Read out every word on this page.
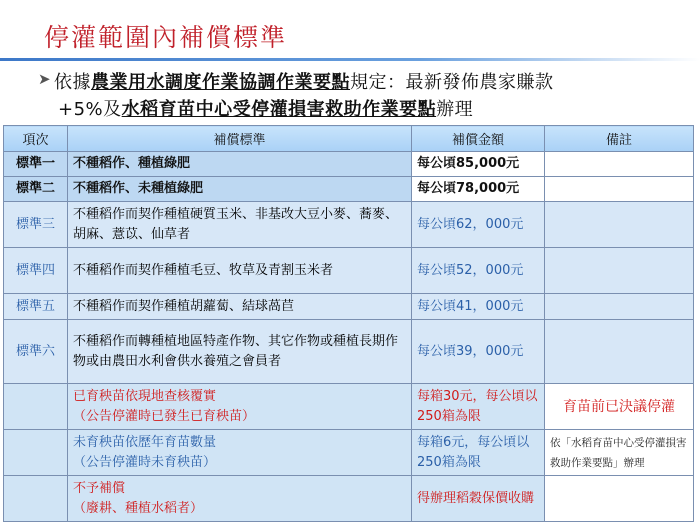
停灌範圍內補償標準
➤ 依據農業用水調度作業協調作業要點規定：最新發佈農家賺款
+5%及水稻育苗中心受停灌損害救助作業要點辦理
項次	補償標準	補償金額	備註
標準一	不種稻作、種植綠肥	每公頃85,000元	
標準二	不種稻作、未種植綠肥	每公頃78,000元	
標準三	不種稻作而契作種植硬質玉米、非基改大豆小麥、蕎麥、胡麻、薏苡、仙草者	每公頃62，000元	
標準四	不種稻作而契作種植毛豆、牧草及青割玉米者	每公頃52，000元	
標準五	不種稻作而契作種植胡蘿蔔、結球萵苣	每公頃41，000元	
標準六	不種稻作而轉種植地區特產作物、其它作物或種植長期作物或由農田水利會供水養殖之會員者	每公頃39，000元	

	已育秧苗依現地查核覆實
（公告停灌時已發生已育秧苗）	每箱30元，每公頃以250箱為限	育苗前已決議停灌

	未育秧苗依歷年育苗數量
（公告停灌時未育秧苗）	每箱6元，每公頃以250箱為限	依「水稻育苗中心受停灌損害救助作業要點」辦理

	不予補償
（廢耕、種植水稻者）	得辦理稻穀保價收購	
